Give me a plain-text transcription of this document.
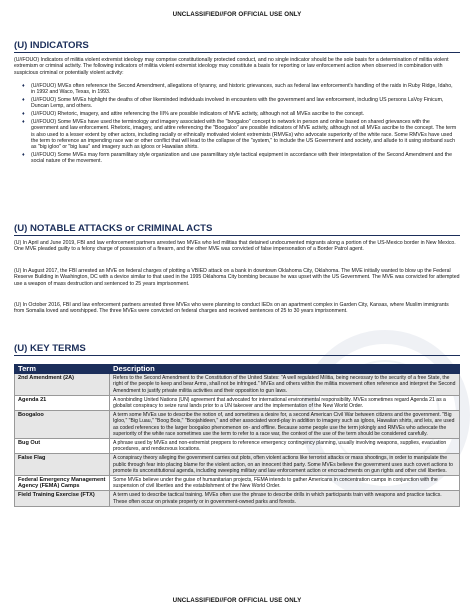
UNCLASSIFIED//FOR OFFICIAL USE ONLY
(U) INDICATORS
(U//FOUO) Indicators of militia violent extremist ideology may comprise constitutionally protected conduct, and no single indicator should be the sole basis for a determination of militia violent extremism or criminal activity. The following indicators of militia violent extremist ideology may constitute a basis for reporting or law enforcement action when observed in combination with suspicious criminal or potentially violent activity:
♦ (U//FOUO) MVEs often reference the Second Amendment, allegations of tyranny, and historic grievances, such as federal law enforcement's handling of the raids in Ruby Ridge, Idaho, in 1992 and Waco, Texas, in 1993.
♦ (U//FOUO) Some MVEs highlight the deaths of other likeminded individuals involved in encounters with the government and law enforcement, including US persons LaVoy Finicum, Duncan Lemp, and others.
♦ (U//FOUO) Rhetoric, imagery, and attire referencing the III% are possible indicators of MVE activity, although not all MVEs ascribe to the concept.
♦ (U//FOUO) Some MVEs have used the terminology and imagery associated with the "boogaloo" concept to network in person and online based on shared grievances with the government and law enforcement. Rhetoric, imagery, and attire referencing the "Boogaloo" are possible indicators of MVE activity, although not all MVEs ascribe to the concept. The term is also used to a lesser extent by other actors, including racially or ethnically motivated violent extremists (RMVEs) who advocate superiority of the white race. Some RMVEs have used the term to reference an impending race war or other conflict that will lead to the collapse of the "system," to include the US Government and society, and allude to it using storband such as "big igloo" or "big luau" and imagery such as igloos or Hawaiian shirts.
♦ (U//FOUO) Some MVEs may form paramilitary style organization and use paramilitary style tactical equipment in accordance with their interpretation of the Second Amendment and the social nature of the movement.
(U) NOTABLE ATTACKS or CRIMINAL ACTS
(U) In April and June 2019, FBI and law enforcement partners arrested two MVEs who led militias that detained undocumented migrants along a portion of the US-Mexico border in New Mexico. One MVE pleaded guilty to a felony charge of possession of a firearm, and the other MVE was convicted of false impersonation of a Border Patrol agent.
(U) In August 2017, the FBI arrested an MVE on federal charges of plotting a VBIED attack on a bank in downtown Oklahoma City, Oklahoma. The MVE initially wanted to blow up the Federal Reserve Building in Washington, DC with a device similar to that used in the 1995 Oklahoma City bombing because he was upset with the US Government. The MVE was convicted for attempted use a weapon of mass destruction and sentenced to 25 years imprisonment.
(U) In October 2016, FBI and law enforcement partners arrested three MVEs who were planning to conduct IEDs on an apartment complex in Garden City, Kansas, where Muslim immigrants from Somalia loved and worshipped. The three MVEs were convicted on federal charges and received sentences of 25 to 30 years imprisonment.
(U) KEY TERMS
Term	Description
2nd Amendment (2A)	Refers to the Second Amendment to the Constitution of the United States: "A well regulated Militia, being necessary to the security of a free State, the right of the people to keep and bear Arms, shall not be infringed." MVEs and others within the militia movement often reference and interpret the Second Amendment to justify private militia activities and their opposition to gun laws.
Agenda 21	A nonbinding United Nations (UN) agreement that advocated for international environmental responsibility. MVEs sometimes regard Agenda 21 as a globalist conspiracy to seize rural lands prior to a UN takeover and the implementation of the New World Order.
Boogaloo	A term some MVEs use to describe the notion of, and sometimes a desire for, a second American Civil War between citizens and the government. "Big Igloo," "Big Luau," "Boog Bois," "Boojahideen," and other associated word-play in addition to imagery such as igloos, Hawaiian shirts, and leis, are used as coded references to the larger boogaloo phenomenon on- and offline. Because some people use the term jokingly and RMVEs who advocate the superiority of the white race sometimes use the term to refer to a race war, the context of the use of the term should be considered carefully.
Bug Out	A phrase used by MVEs and non-extremist preppers to reference emergency contingency planning, usually involving weapons, supplies, evacuation procedures, and rendezvous locations.
False Flag	A conspiracy theory alleging the government carries out plots, often violent actions like terrorist attacks or mass shootings, in order to manipulate the public through fear into placing blame for the violent action, on an innocent third party. Some MVEs believe the government uses such covert actions to promote its unconstitutional agenda, including sweeping military and law enforcement action or encroachments on gun rights and other civil liberties.
Federal Emergency Management Agency (FEMA) Camps	Some MVEs believe under the guise of humanitarian projects, FEMA intends to gather Americans in concentration camps in conjunction with the suspension of civil liberties and the establishment of the New World Order.
Field Training Exercise (FTX)	A term used to describe tactical training. MVEs often use the phrase to describe drills in which participants train with weapons and practice tactics. These often occur on private property or in government-owned parks and forests.
UNCLASSIFIED//FOR OFFICIAL USE ONLY
